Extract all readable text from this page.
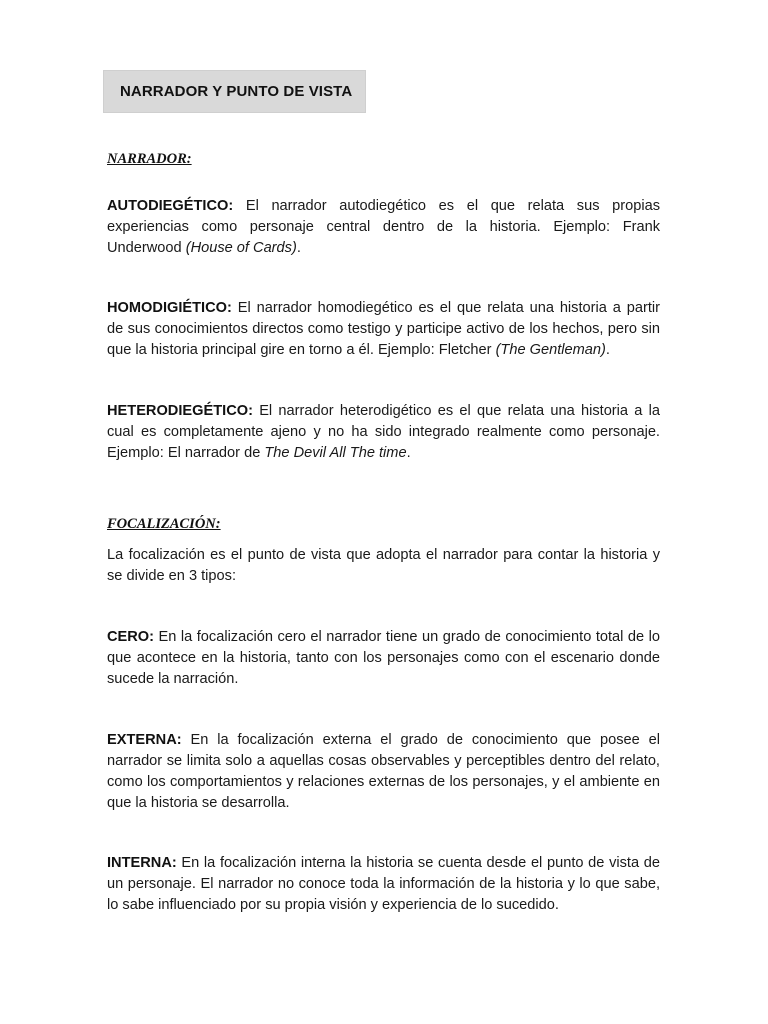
NARRADOR Y PUNTO DE VISTA
NARRADOR:

AUTODIEGÉTICO: El narrador autodiegético es el que relata sus propias experiencias como personaje central dentro de la historia. Ejemplo: Frank Underwood (House of Cards).

HOMODIGIÉTICO: El narrador homodiegético es el que relata una historia a partir de sus conocimientos directos como testigo y participe activo de los hechos, pero sin que la historia principal gire en torno a él. Ejemplo: Fletcher (The Gentleman).

HETERODIEGÉTICO: El narrador heterodigético es el que relata una historia a la cual es completamente ajeno y no ha sido integrado realmente como personaje. Ejemplo: El narrador de The Devil All The time.

FOCALIZACIÓN:

La focalización es el punto de vista que adopta el narrador para contar la historia y se divide en 3 tipos:

CERO: En la focalización cero el narrador tiene un grado de conocimiento total de lo que acontece en la historia, tanto con los personajes como con el escenario donde sucede la narración.

EXTERNA: En la focalización externa el grado de conocimiento que posee el narrador se limita solo a aquellas cosas observables y perceptibles dentro del relato, como los comportamientos y relaciones externas de los personajes, y el ambiente en que la historia se desarrolla.

INTERNA: En la focalización interna la historia se cuenta desde el punto de vista de un personaje. El narrador no conoce toda la información de la historia y lo que sabe, lo sabe influenciado por su propia visión y experiencia de lo sucedido.
